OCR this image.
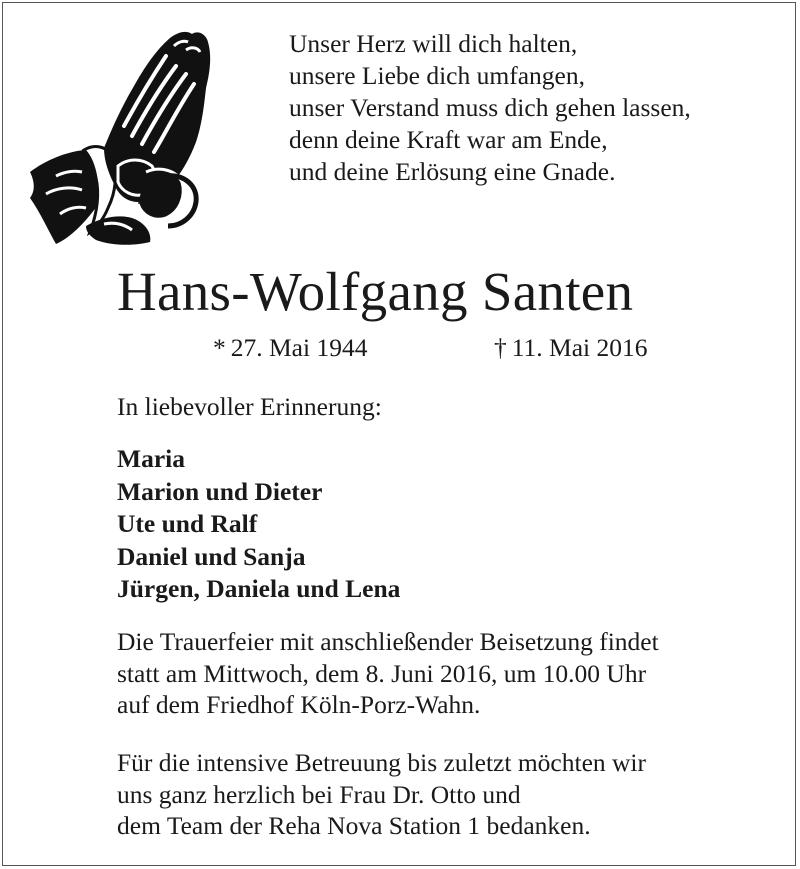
Unser Herz will dich halten,
unsere Liebe dich umfangen,
unser Verstand muss dich gehen lassen,
denn deine Kraft war am Ende,
und deine Erlösung eine Gnade.
Hans-Wolfgang Santen
* 27. Mai 1944	† 11. Mai 2016
In liebevoller Erinnerung:
Maria
Marion und Dieter
Ute und Ralf
Daniel und Sanja
Jürgen, Daniela und Lena
Die Trauerfeier mit anschließender Beisetzung findet
statt am Mittwoch, dem 8. Juni 2016, um 10.00 Uhr
auf dem Friedhof Köln-Porz-Wahn.
Für die intensive Betreuung bis zuletzt möchten wir
uns ganz herzlich bei Frau Dr. Otto und
dem Team der Reha Nova Station 1 bedanken.
